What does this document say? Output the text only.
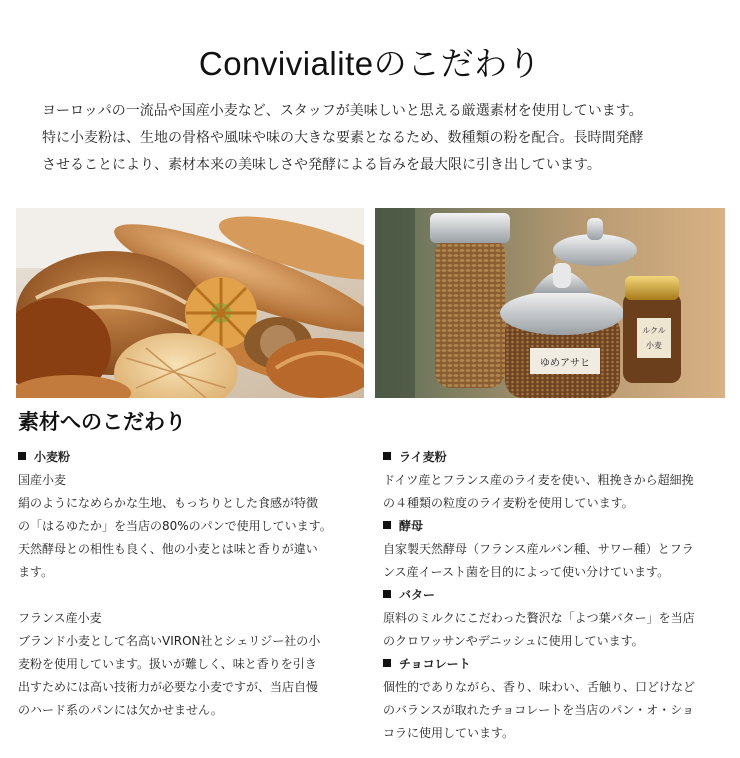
Convivialiteのこだわり
ヨーロッパの一流品や国産小麦など、スタッフが美味しいと思える厳選素材を使用しています。
特に小麦粉は、生地の骨格や風味や味の大きな要素となるため、数種類の粉を配合。長時間発酵
させることにより、素材本来の美味しさや発酵による旨みを最大限に引き出しています。
ゆめアサヒ
ルクル
小麦
素材へのこだわり
小麦粉
国産小麦
絹のようになめらかな生地、もっちりとした食感が特徴
の「はるゆたか」を当店の80%のパンで使用しています。
天然酵母との相性も良く、他の小麦とは味と香りが違い
ます。
フランス産小麦
ブランド小麦として名高いVIRON社とシェリジー社の小
麦粉を使用しています。扱いが難しく、味と香りを引き
出すためには高い技術力が必要な小麦ですが、当店自慢
のハード系のパンには欠かせません。
ライ麦粉
ドイツ産とフランス産のライ麦を使い、粗挽きから超細挽
の４種類の粒度のライ麦粉を使用しています。
酵母
自家製天然酵母（フランス産ルバン種、サワー種）とフラ
ンス産イースト菌を目的によって使い分けています。
バター
原料のミルクにこだわった贅沢な「よつ葉バター」を当店
のクロワッサンやデニッシュに使用しています。
チョコレート
個性的でありながら、香り、味わい、舌触り、口どけなど
のバランスが取れたチョコレートを当店のパン・オ・ショ
コラに使用しています。
